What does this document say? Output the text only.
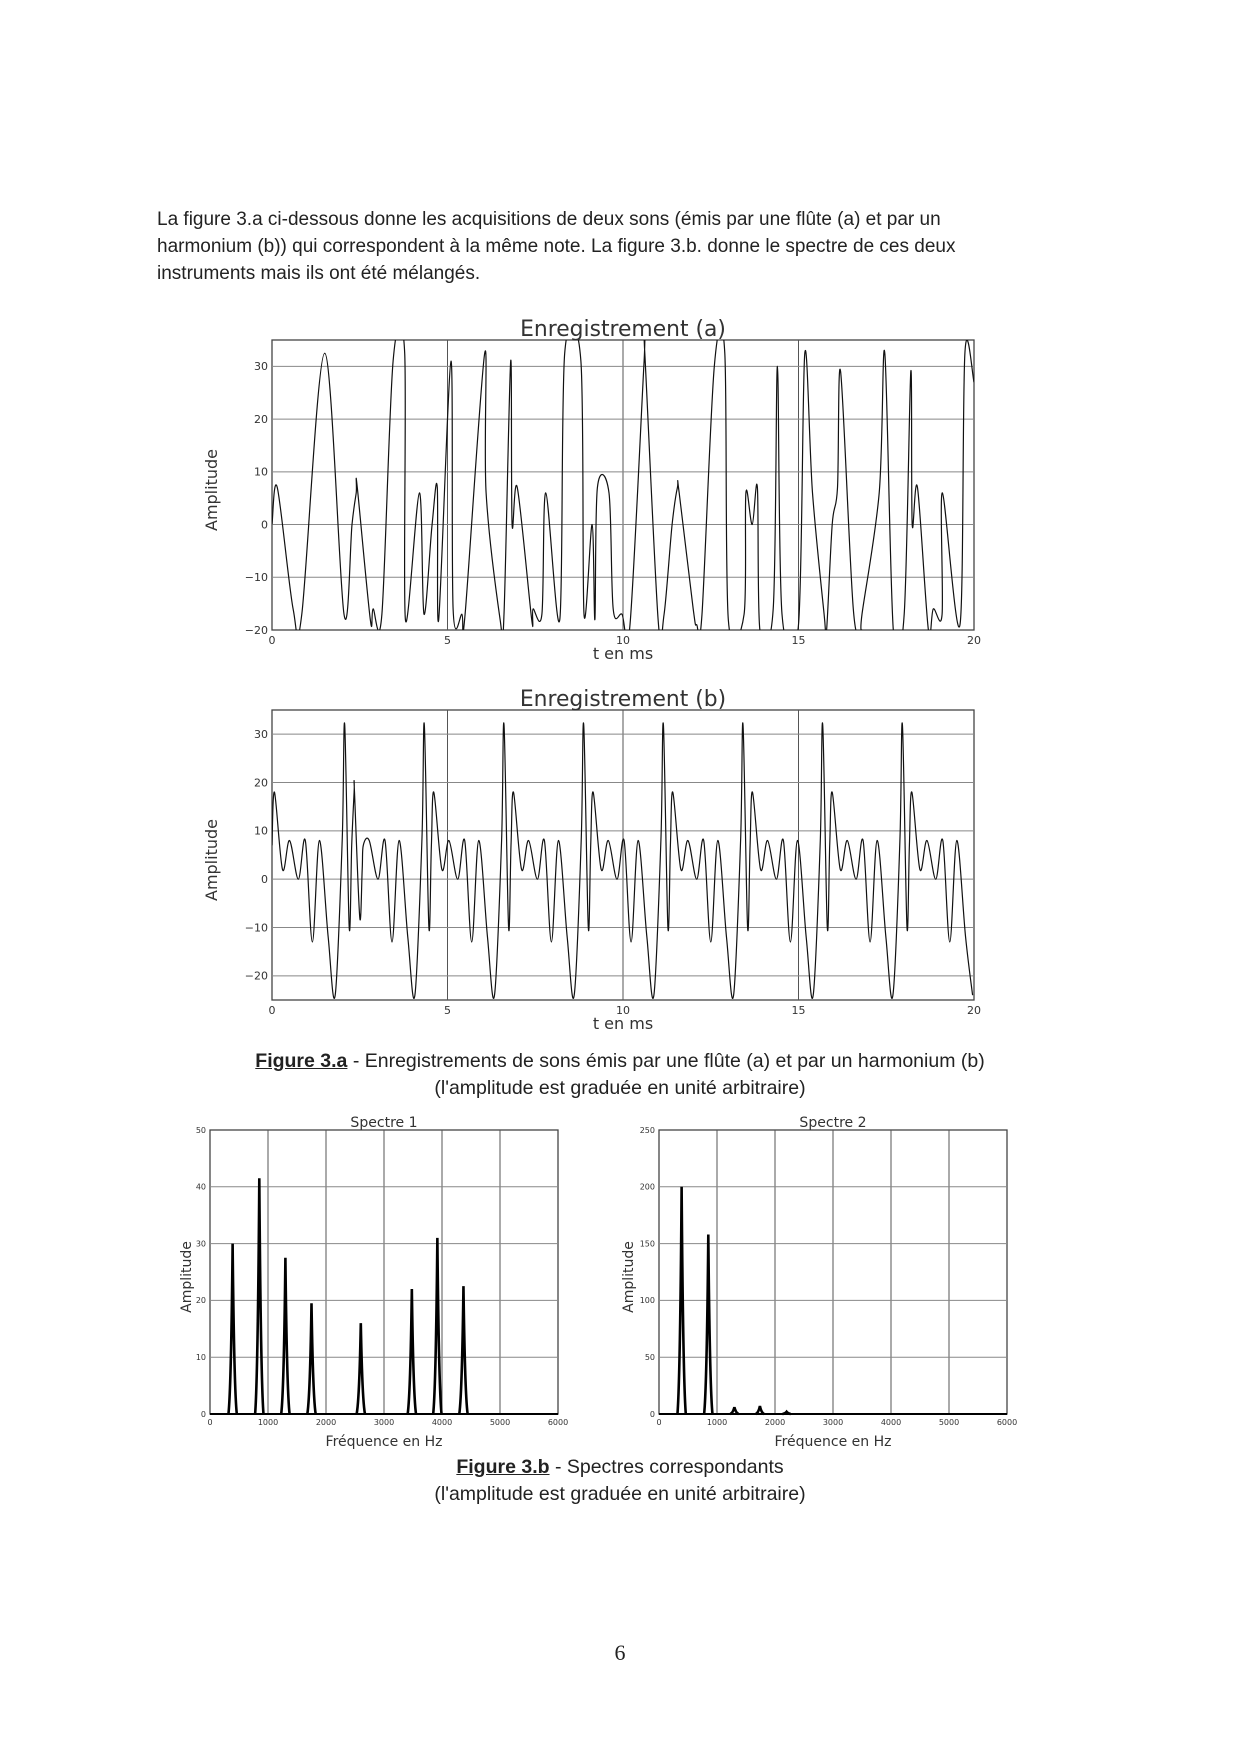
La figure 3.a ci-dessous donne les acquisitions de deux sons (émis par une flûte (a) et par un
harmonium (b)) qui correspondent à la même note. La figure 3.b. donne le spectre de ces deux
instruments mais ils ont été mélangés.
0	5	10	15	20
−20
−10
0
10
20
30
Enregistrement (a)
t en ms
Amplitude
0	5	10	15	20
−20
−10
0
10
20
30
Enregistrement (b)
t en ms
Amplitude
Figure 3.a - Enregistrements de sons émis par une flûte (a) et par un harmonium (b)
(l'amplitude est graduée en unité arbitraire)
0	1000	2000	3000	4000	5000	6000
0
10
20
30
40
50	Spectre 1
Fréquence en Hz
Amplitude
0	1000	2000	3000	4000	5000	6000
0
50
100
150
200
250	Spectre 2
Fréquence en Hz
Amplitude
Figure 3.b - Spectres correspondants
(l'amplitude est graduée en unité arbitraire)
6
